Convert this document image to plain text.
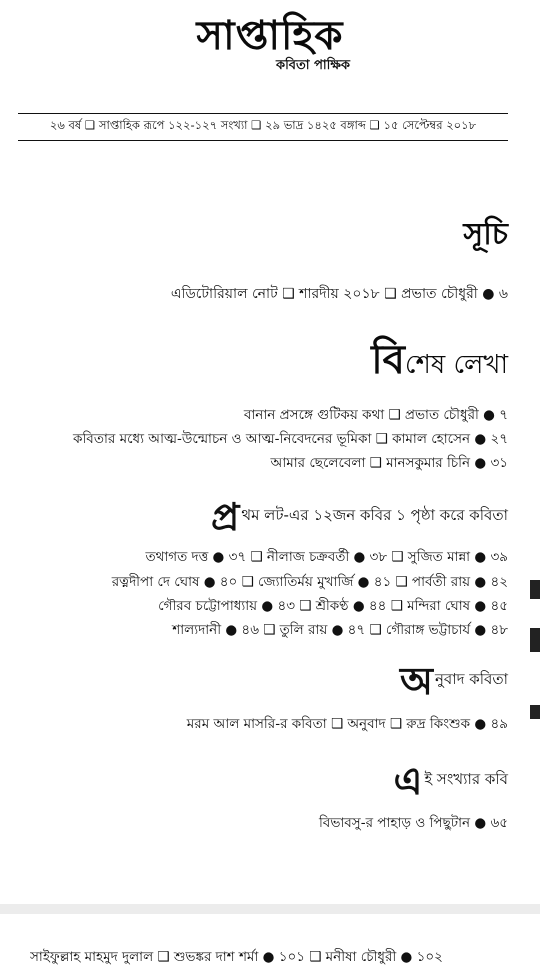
সাপ্তাহিক
কবিতা পাক্ষিক
২৬ বর্ষ ❑ সাপ্তাহিক রূপে ১২২-১২৭ সংখ্যা ❑ ২৯ ভাদ্র ১৪২৫ বঙ্গাব্দ ❑ ১৫ সেপ্টেম্বর ২০১৮
সূচি
এডিটোরিয়াল নোট ❑ শারদীয় ২০১৮ ❑ প্রভাত চৌধুরী ● ৬
বিশেষ লেখা
বানান প্রসঙ্গে গুটিকয় কথা ❑ প্রভাত চৌধুরী ● ৭
কবিতার মধ্যে আত্ম-উন্মোচন ও আত্ম-নিবেদনের ভূমিকা ❑ কামাল হোসেন ● ২৭
আমার ছেলেবেলা ❑ মানসকুমার চিনি ● ৩১
প্র থম লট-এর ১২জন কবির ১ পৃষ্ঠা করে কবিতা
তথাগত দত্ত ● ৩৭ ❑ নীলাজ চক্রবর্তী ● ৩৮ ❑ সুজিত মান্না ● ৩৯
রত্নদীপা দে ঘোষ ● ৪০ ❑ জ্যোতির্ময় মুখার্জি ● ৪১ ❑ পার্বতী রায় ● ৪২
গৌরব চট্টোপাধ্যায় ● ৪৩ ❑ শ্রীকণ্ঠ ● ৪৪ ❑ মন্দিরা ঘোষ ● ৪৫
শাল্যদানী ● ৪৬ ❑ তুলি রায় ● ৪৭ ❑ গৌরাঙ্গ ভট্টাচার্য ● ৪৮
অনুবাদ কবিতা
মরম আল মাসরি-র কবিতা ❑ অনুবাদ ❑ রুদ্র কিংশুক ● ৪৯
এই সংখ্যার কবি
বিভাবসু-র পাহাড় ও পিছুটান ● ৬৫
সাইফুল্লাহ মাহমুদ দুলাল ❑ শুভঙ্কর দাশ শর্মা ● ১০১ ❑ মনীষা চৌধুরী ● ১০২
